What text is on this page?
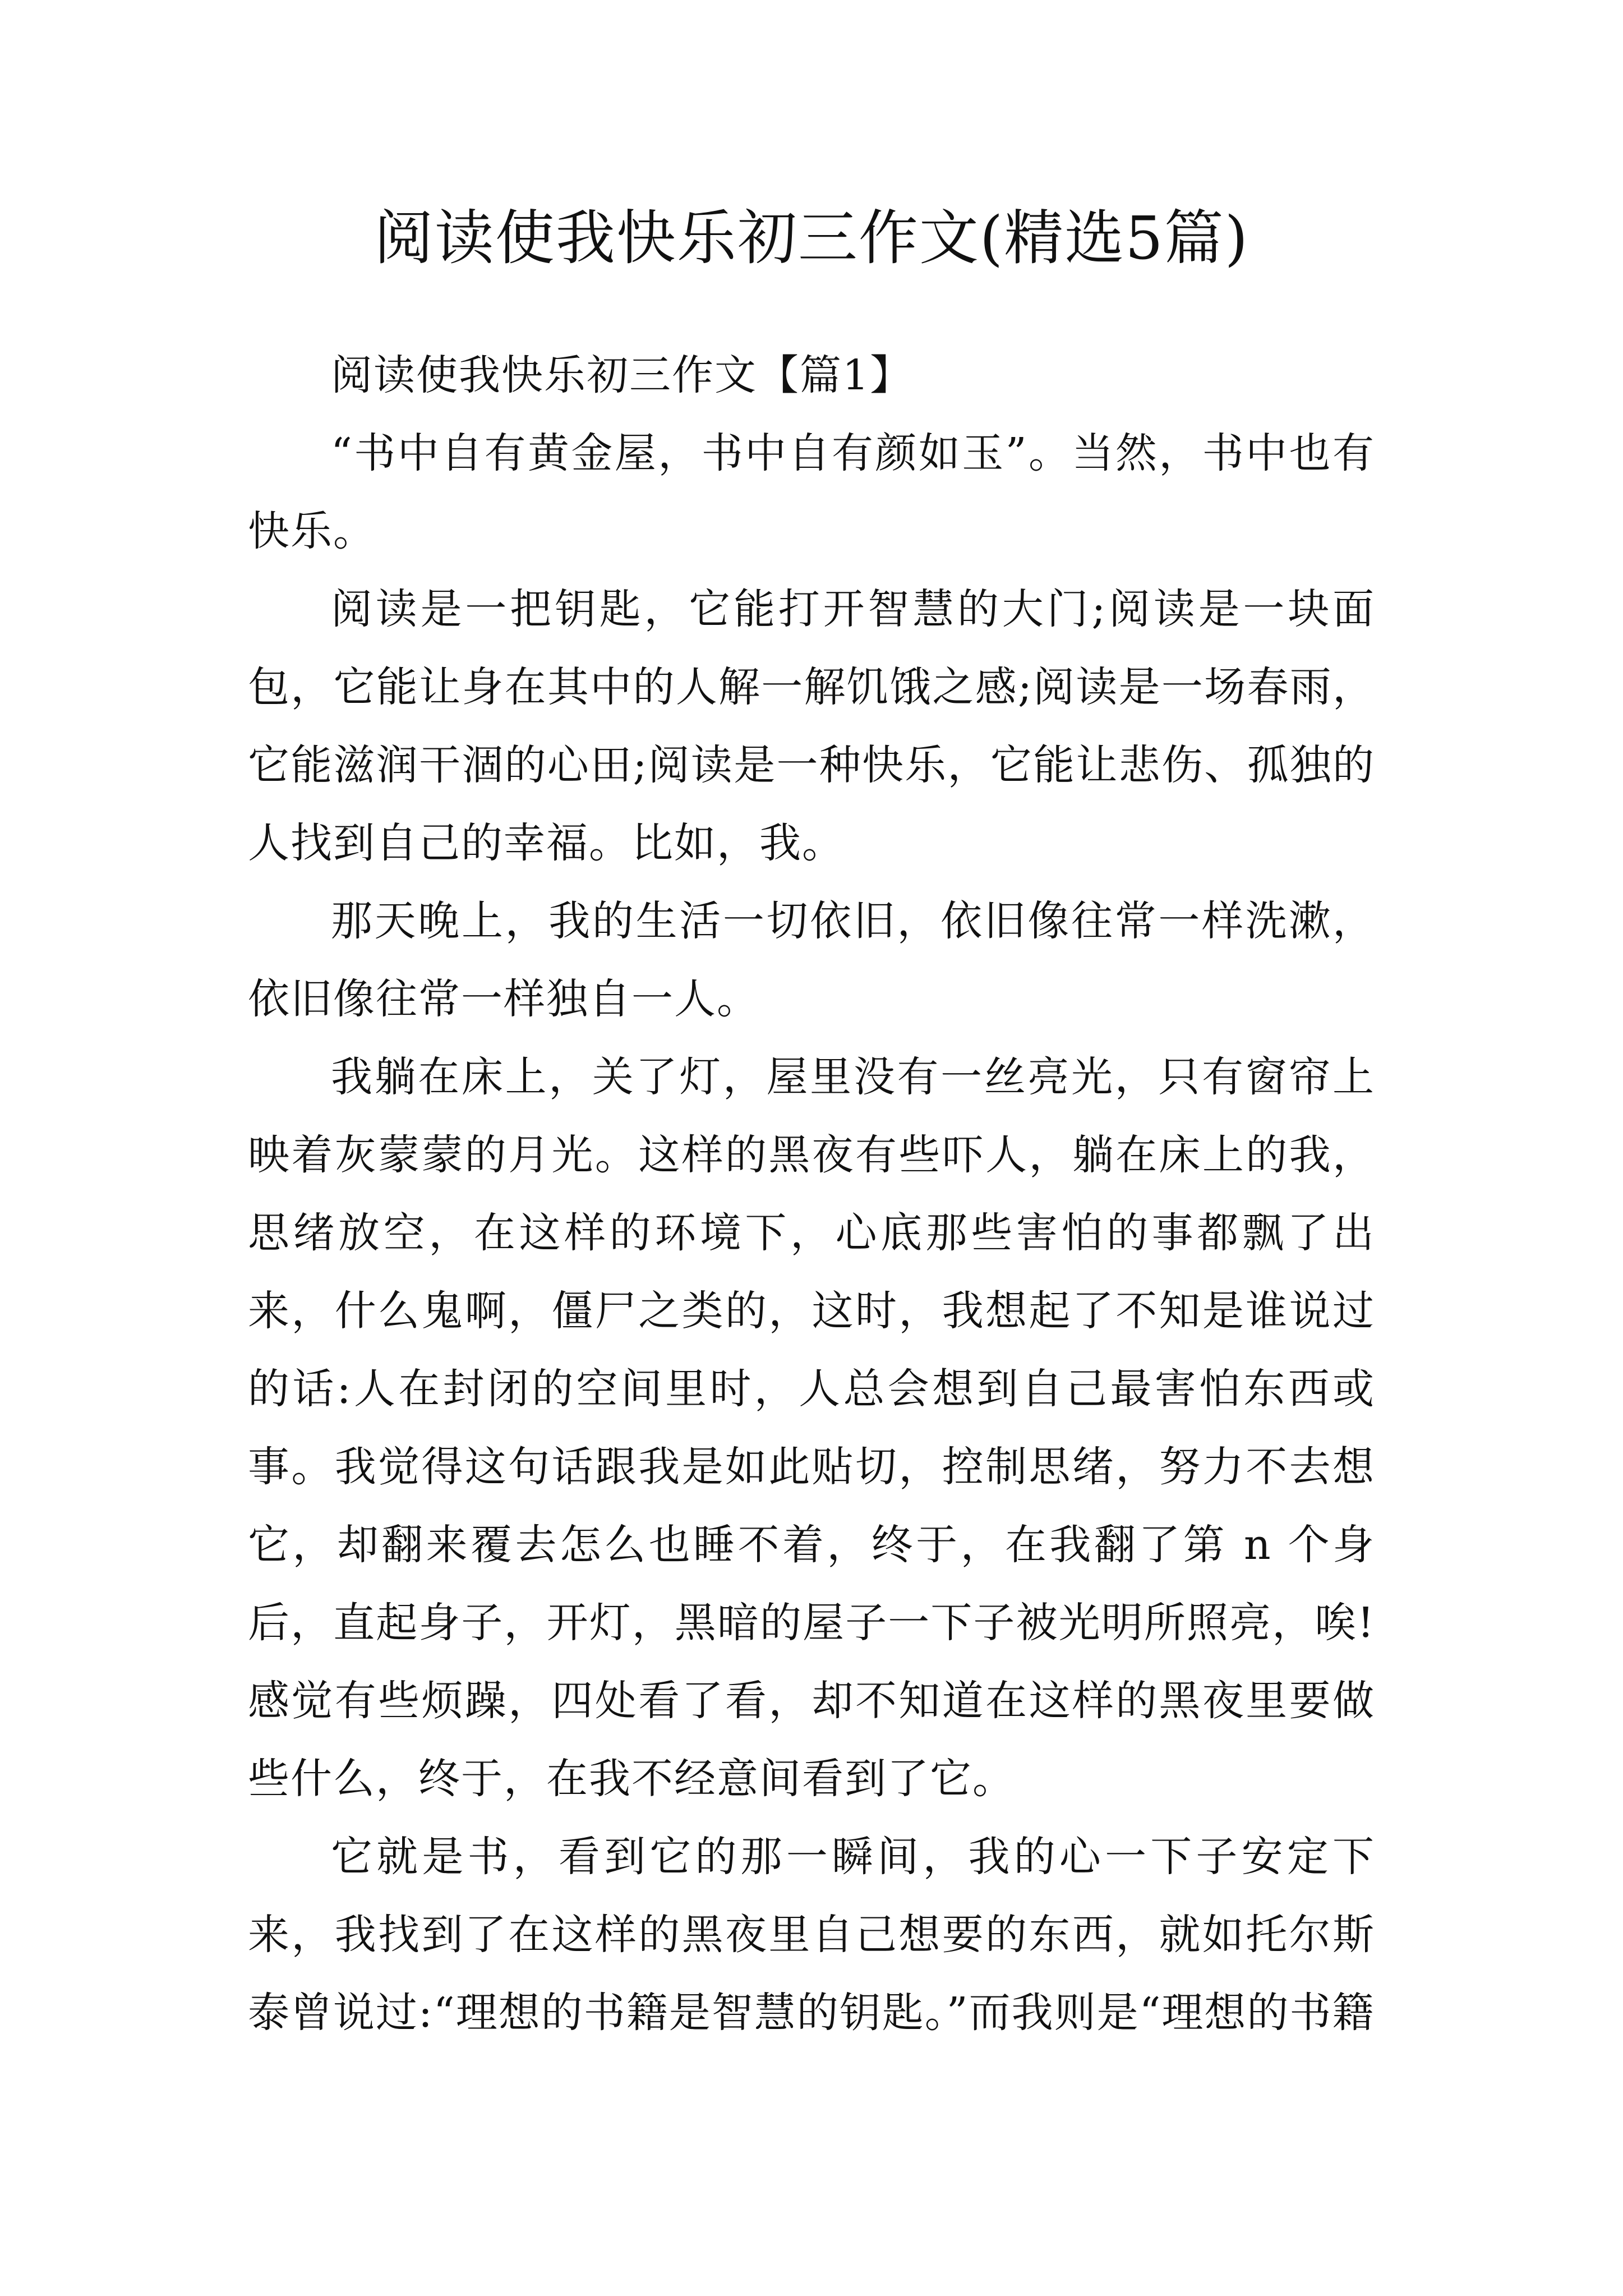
阅读使我快乐初三作文(精选5篇)

阅读使我快乐初三作文【篇1】

“书中自有黄金屋，书中自有颜如玉”。当然，书中也有快乐。

阅读是一把钥匙，它能打开智慧的大门;阅读是一块面包，它能让身在其中的人解一解饥饿之感;阅读是一场春雨，它能滋润干涸的心田;阅读是一种快乐，它能让悲伤、孤独的人找到自己的幸福。比如，我。

那天晚上，我的生活一切依旧，依旧像往常一样洗漱，依旧像往常一样独自一人。

我躺在床上，关了灯，屋里没有一丝亮光，只有窗帘上映着灰蒙蒙的月光。这样的黑夜有些吓人，躺在床上的我，思绪放空，在这样的环境下，心底那些害怕的事都飘了出来，什么鬼啊，僵尸之类的，这时，我想起了不知是谁说过的话:人在封闭的空间里时，人总会想到自己最害怕东西或事。我觉得这句话跟我是如此贴切，控制思绪，努力不去想它，却翻来覆去怎么也睡不着，终于，在我翻了第 n 个身后，直起身子，开灯，黑暗的屋子一下子被光明所照亮，唉!感觉有些烦躁，四处看了看，却不知道在这样的黑夜里要做些什么，终于，在我不经意间看到了它。

它就是书，看到它的那一瞬间，我的心一下子安定下来，我找到了在这样的黑夜里自己想要的东西，就如托尔斯泰曾说过:“理想的书籍是智慧的钥匙。”而我则是“理想的书籍
